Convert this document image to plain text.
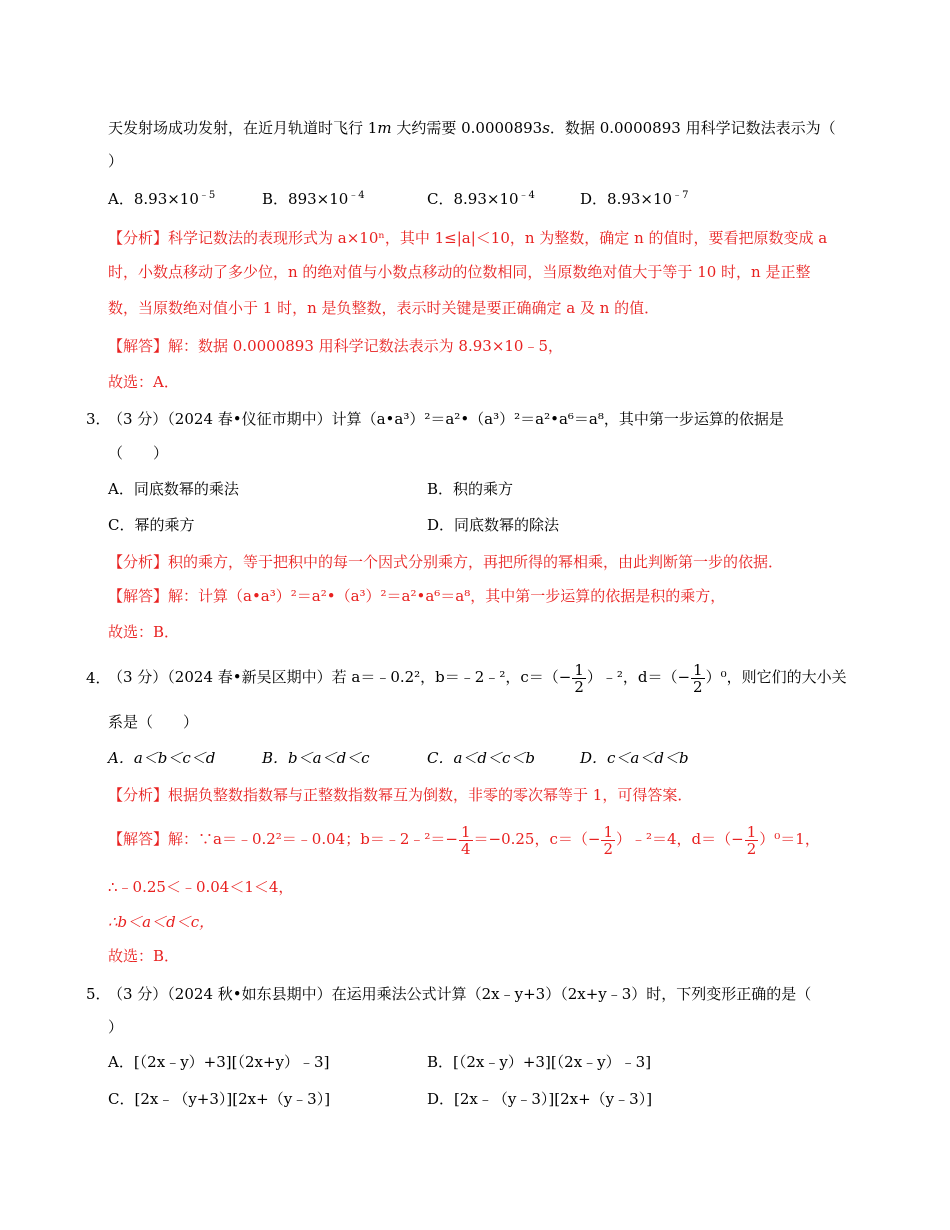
天发射场成功发射，在近月轨道时飞行 1m 大约需要 0.0000893s．数据 0.0000893 用科学记数法表示为（
）
A．$8.93\times 10^{﹣5}$	B．$893\times 10^{﹣4}$	C．$8.93\times 10^{﹣4}$	D．$8.93\times 10^{﹣7}$
【分析】科学记数法的表现形式为 a×10ⁿ，其中 1≤|a|＜10，n 为整数，确定 n 的值时，要看把原数变成 a
时，小数点移动了多少位，n 的绝对值与小数点移动的位数相同，当原数绝对值大于等于 10 时，n 是正整
数，当原数绝对值小于 1 时，n 是负整数，表示时关键是要正确确定 a 及 n 的值．
【解答】解：数据 0.0000893 用科学记数法表示为 8.93×10﹣5，
故选：A．
3．
（3 分）（2024 春•仪征市期中）计算（a•a³）²＝a²•（a³）²＝a²•a⁶＝a⁸，其中第一步运算的依据是
（　　）
A．同底数幂的乘法	B．积的乘方
C．幂的乘方	D．同底数幂的除法
【分析】积的乘方，等于把积中的每一个因式分别乘方，再把所得的幂相乘，由此判断第一步的依据．
【解答】解：计算（a•a³）²＝a²•（a³）²＝a²•a⁶＝a⁸，其中第一步运算的依据是积的乘方，
故选：B．
4．
（3 分）（2024 春•新吴区期中）若 a＝﹣0.2²，b＝﹣2﹣²，$c=(- \frac{1}{2}$ ）﹣²，$d=(- \frac{1}{2} )^0$，则它们的大小关
系是（　　）
A．a＜b＜c＜d	B．b＜a＜d＜c	C．a＜d＜c＜b	D．c＜a＜d＜b
【分析】根据负整数指数幂与正整数指数幂互为倒数，非零的零次幂等于 1，可得答案．
【解答】解：∵a＝﹣0.2²＝﹣0.04；b＝﹣2﹣²＝− $\frac{1}{4} =-0.25$，$c=(- \frac{1}{2}$ ）﹣²＝4，$d=(- \frac{1}{2} )^0=1$，
∴﹣0.25＜﹣0.04＜1＜4，
∴b＜a＜d＜c，
故选：B．
5．
（3 分）（2024 秋•如东县期中）在运用乘法公式计算（2x﹣y+3）（2x+y﹣3）时，下列变形正确的是（
）
A．[（2x﹣y）+3][（2x+y）﹣3]	B．[（2x﹣y）+3][（2x﹣y）﹣3]
C．[2x﹣（y+3）][2x+（y﹣3）]	D．[2x﹣（y﹣3）][2x+（y﹣3）]
